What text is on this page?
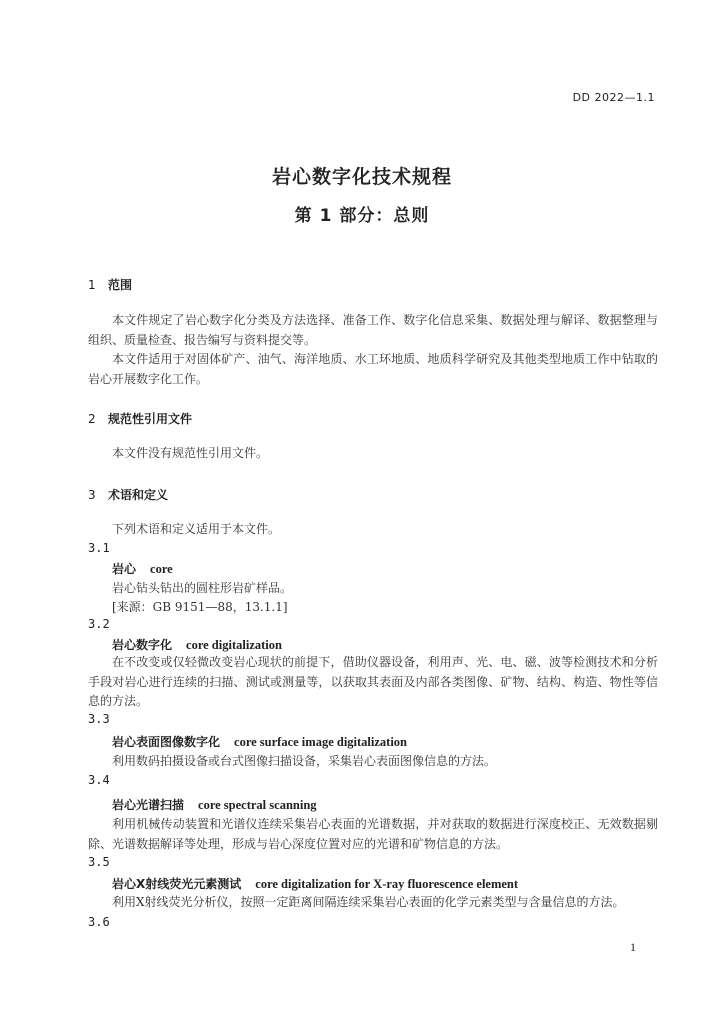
DD 2022—1.1
岩心数字化技术规程
第 1 部分：总则
1 范围
本文件规定了岩心数字化分类及方法选择、准备工作、数字化信息采集、数据处理与解译、数据整理与组织、质量检查、报告编写与资料提交等。
本文件适用于对固体矿产、油气、海洋地质、水工环地质、地质科学研究及其他类型地质工作中钻取的岩心开展数字化工作。
2 规范性引用文件
本文件没有规范性引用文件。
3 术语和定义
下列术语和定义适用于本文件。
3.1
岩心 core
岩心钻头钻出的圆柱形岩矿样品。
[来源：GB 9151—88，13.1.1]
3.2
岩心数字化 core digitalization
在不改变或仅轻微改变岩心现状的前提下，借助仪器设备，利用声、光、电、磁、波等检测技术和分析手段对岩心进行连续的扫描、测试或测量等，以获取其表面及内部各类图像、矿物、结构、构造、物性等信息的方法。
3.3
岩心表面图像数字化 core surface image digitalization
利用数码拍摄设备或台式图像扫描设备，采集岩心表面图像信息的方法。
3.4
岩心光谱扫描 core spectral scanning
利用机械传动装置和光谱仪连续采集岩心表面的光谱数据，并对获取的数据进行深度校正、无效数据剔除、光谱数据解译等处理，形成与岩心深度位置对应的光谱和矿物信息的方法。
3.5
岩心X射线荧光元素测试 core digitalization for X-ray fluorescence element
利用X射线荧光分析仪，按照一定距离间隔连续采集岩心表面的化学元素类型与含量信息的方法。
3.6
1
